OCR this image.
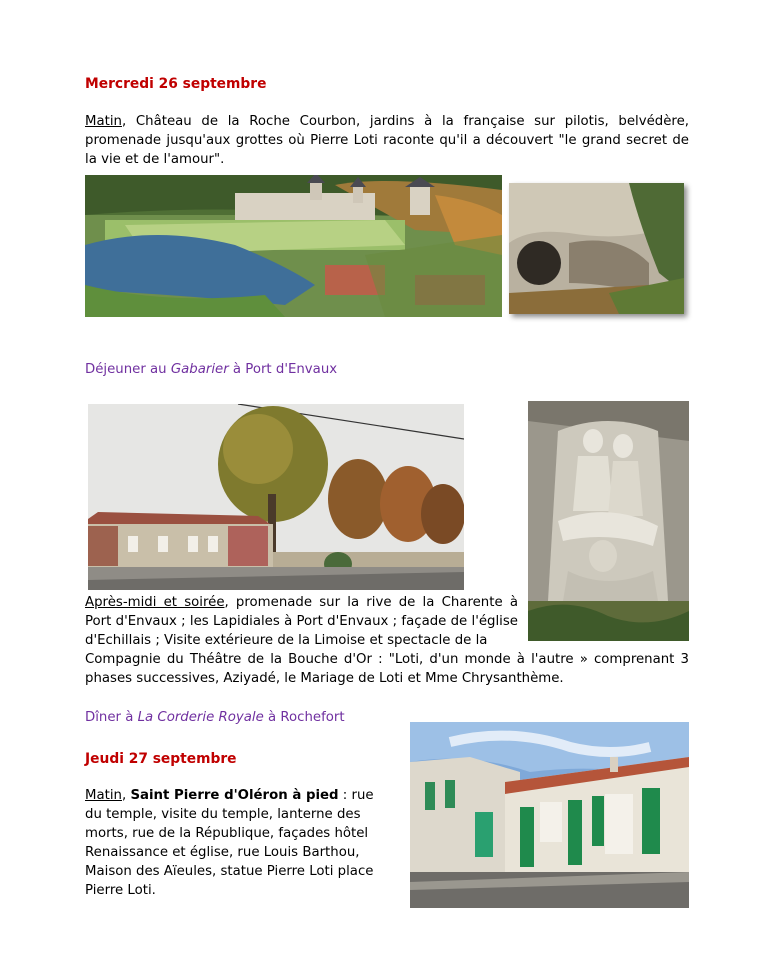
Mercredi 26 septembre
Matin, Château de la Roche Courbon, jardins à la française sur pilotis, belvédère, promenade jusqu'aux grottes où Pierre Loti raconte qu'il a découvert "le grand secret de la vie et de l'amour".
Déjeuner au Gabarier à Port d'Envaux
Après-midi et soirée, promenade sur la rive de la Charente à Port d'Envaux ; les Lapidiales à Port d'Envaux ; façade de l'église d'Echillais ; Visite extérieure de la Limoise et spectacle de la
Compagnie du Théâtre de la Bouche d'Or : "Loti, d'un monde à l'autre » comprenant 3 phases successives, Aziyadé, le Mariage de Loti et Mme Chrysanthème.
Dîner à La Corderie Royale à Rochefort
Jeudi 27 septembre
Matin, Saint Pierre d'Oléron à pied : rue du temple, visite du temple, lanterne des morts, rue de la République, façades hôtel Renaissance et église, rue Louis Barthou, Maison des Aïeules, statue Pierre Loti place Pierre Loti.
